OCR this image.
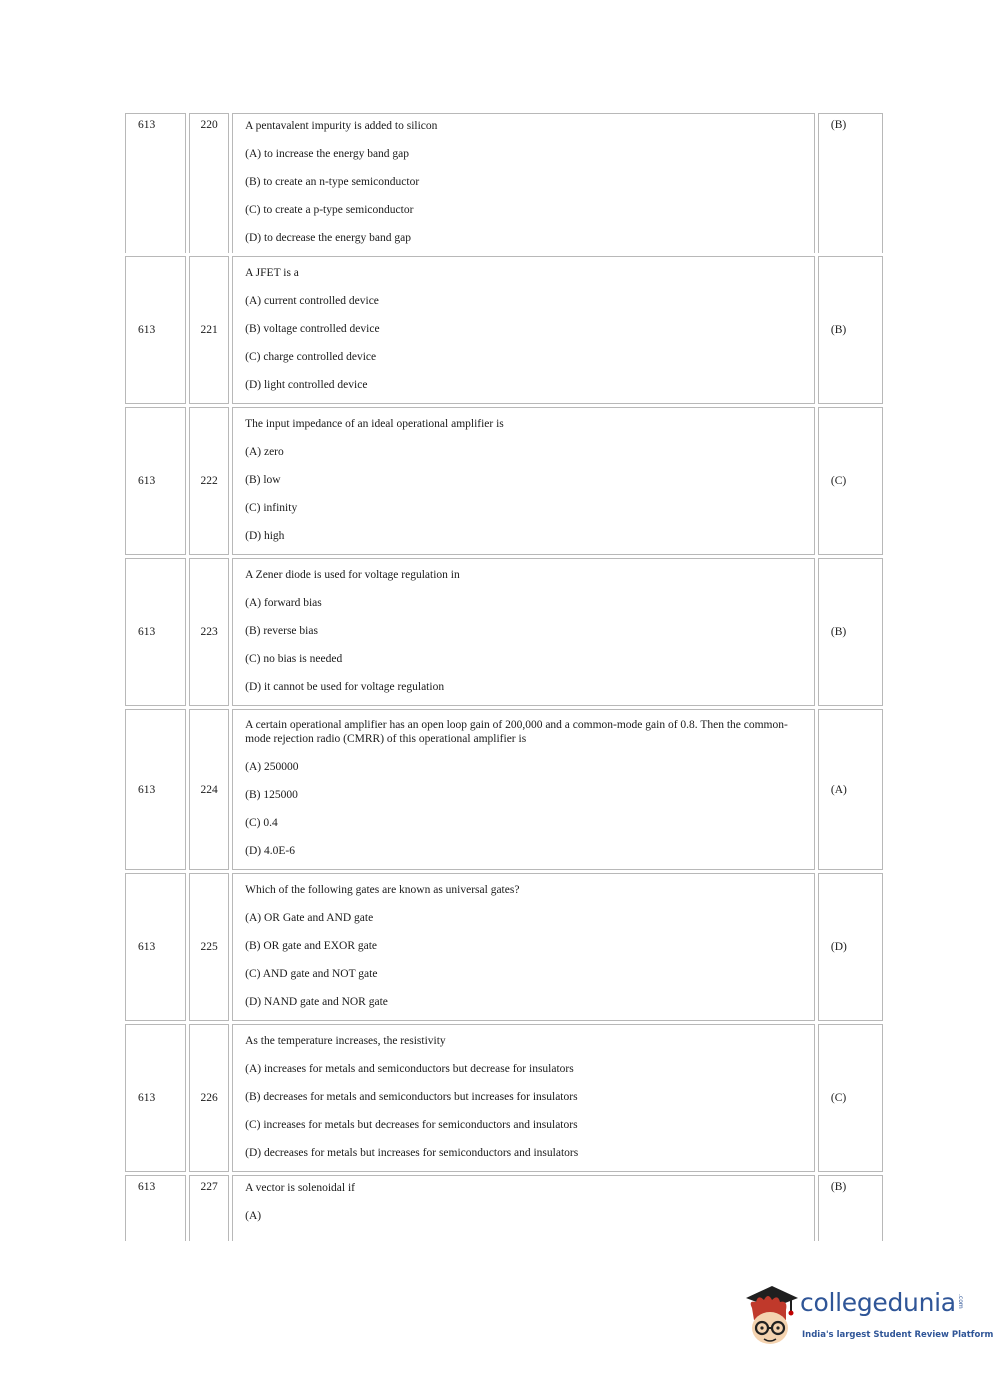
613	220	A pentavalent impurity is added to silicon
(A) to increase the energy band gap
(B) to create an n-type semiconductor
(C) to create a p-type semiconductor
(D) to decrease the energy band gap	(B)
613	221	A JFET is a
(A) current controlled device
(B) voltage controlled device
(C) charge controlled device
(D) light controlled device	(B)
613	222	The input impedance of an ideal operational amplifier is
(A) zero
(B) low
(C) infinity
(D) high	(C)
613	223	A Zener diode is used for voltage regulation in
(A) forward bias
(B) reverse bias
(C) no bias is needed
(D) it cannot be used for voltage regulation	(B)
613	224	A certain operational amplifier has an open loop gain of 200,000 and a common-mode gain of 0.8. Then the common-mode rejection radio (CMRR) of this operational amplifier is
(A) 250000
(B) 125000
(C) 0.4
(D) 4.0E-6	(A)
613	225	Which of the following gates are known as universal gates?
(A) OR Gate and AND gate
(B) OR gate and EXOR gate
(C) AND gate and NOT gate
(D) NAND gate and NOR gate	(D)
613	226	As the temperature increases, the resistivity
(A) increases for metals and semiconductors but decrease for insulators
(B) decreases for metals and semiconductors but increases for insulators
(C) increases for metals but decreases for semiconductors and insulators
(D) decreases for metals but increases for semiconductors and insulators	(C)
613	227	A vector is solenoidal if
(A)	(B)
collegedunia .com
India's largest Student Review Platform
